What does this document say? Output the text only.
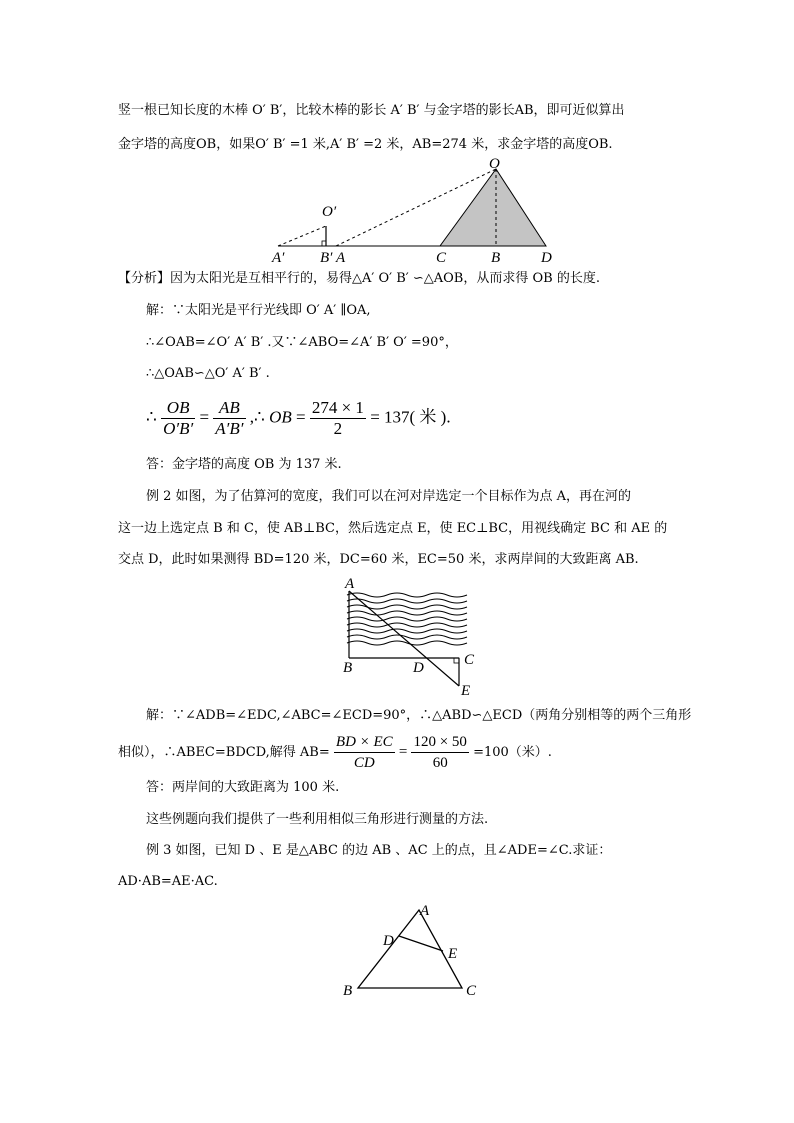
竖一根已知长度的木棒 O′ B′，比较木棒的影长 A′ B′ 与金字塔的影长AB，即可近似算出
金字塔的高度OB，如果O′ B′ =1 米,A′ B′ =2 米，AB=274 米，求金字塔的高度OB.
O
O′
A′ B′ A	C	B	D
【分析】因为太阳光是互相平行的，易得△A′ O′ B′ ∽△AOB，从而求得 OB 的长度.
解：∵太阳光是平行光线即 O′ A′ ∥OA,
∴∠OAB=∠O′ A′ B′ .又∵∠ABO=∠A′ B′ O′ =90°，
∴△OAB∽△O′ A′ B′ .
∴ $\frac{OB}{O'B'} = \frac{AB}{A'B'}$ ,∴ OB = $\frac{274 \times 1}{2} = 137$( 米 ).
答：金字塔的高度 OB 为 137 米.
例 2 如图，为了估算河的宽度，我们可以在河对岸选定一个目标作为点 A，再在河的
这一边上选定点 B 和 C，使 AB⊥BC，然后选定点 E，使 EC⊥BC，用视线确定 BC 和 AE 的
交点 D，此时如果测得 BD=120 米，DC=60 米，EC=50 米，求两岸间的大致距离 AB.
A
B	D	C
E
解：∵∠ADB=∠EDC,∠ABC=∠ECD=90°，∴△ABD∽△ECD（两角分别相等的两个三角形
相似），∴ABEC=BDCD,解得 $AB= \frac{BD \times EC}{CD} = \frac{120 \times 50}{60} =100$（米）.
答：两岸间的大致距离为 100 米.
这些例题向我们提供了一些利用相似三角形进行测量的方法.
例 3 如图，已知 D 、E 是△ABC 的边 AB 、AC 上的点，且∠ADE=∠C.求证：
AD·AB=AE·AC.
A
D
E
B	C
